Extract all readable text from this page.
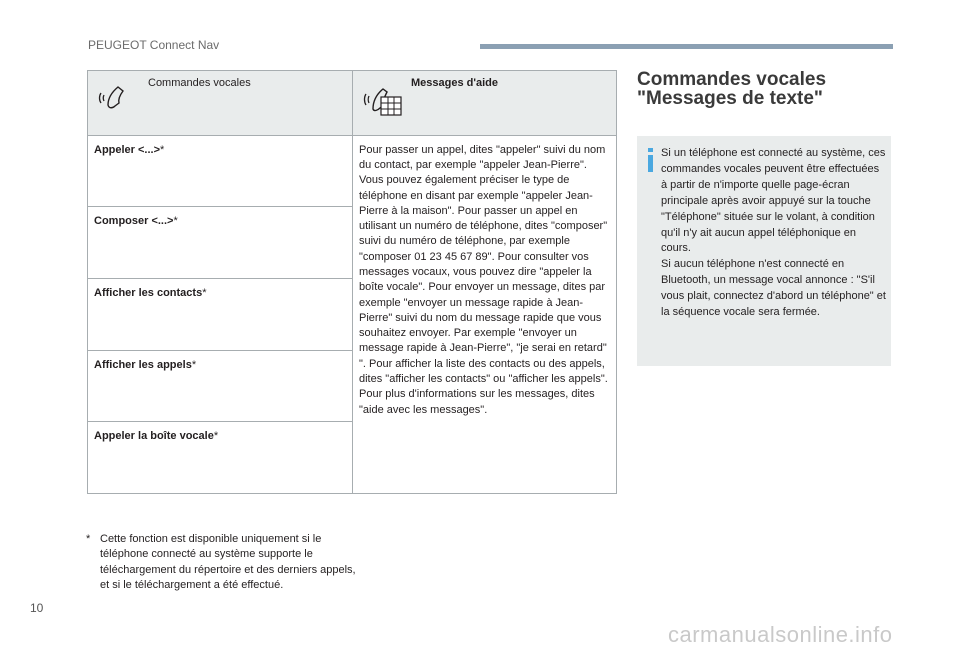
PEUGEOT Connect Nav
Commandes vocales	Messages d'aide

Appeler <...>*	Pour passer un appel, dites "appeler" suivi du nom du contact, par exemple "appeler Jean-Pierre". Vous pouvez également préciser le type de téléphone en disant par exemple "appeler Jean-Pierre à la maison". Pour passer un appel en utilisant un numéro de téléphone, dites "composer" suivi du numéro de téléphone, par exemple "composer 01 23 45 67 89". Pour consulter vos messages vocaux, vous pouvez dire "appeler la boîte vocale". Pour envoyer un message, dites par exemple "envoyer un message rapide à Jean-Pierre" suivi du nom du message rapide que vous souhaitez envoyer. Par exemple "envoyer un message rapide à Jean-Pierre", "je serai en retard" ". Pour afficher la liste des contacts ou des appels, dites "afficher les contacts" ou "afficher les appels". Pour plus d'informations sur les messages, dites "aide avec les messages".
Composer <...>*	
Afficher les contacts*	
Afficher les appels*	
Appeler la boîte vocale*	
* Cette fonction est disponible uniquement si le téléphone connecté au système supporte le téléchargement du répertoire et des derniers appels, et si le téléchargement a été effectué.
Commandes vocales
"Messages de texte"
Si un téléphone est connecté au système, ces commandes vocales peuvent être effectuées à partir de n'importe quelle page-écran principale après avoir appuyé sur la touche "Téléphone" située sur le volant, à condition qu'il n'y ait aucun appel téléphonique en cours.
Si aucun téléphone n'est connecté en Bluetooth, un message vocal annonce : "S'il vous plait, connectez d'abord un téléphone" et la séquence vocale sera fermée.
10
carmanualsonline.info
